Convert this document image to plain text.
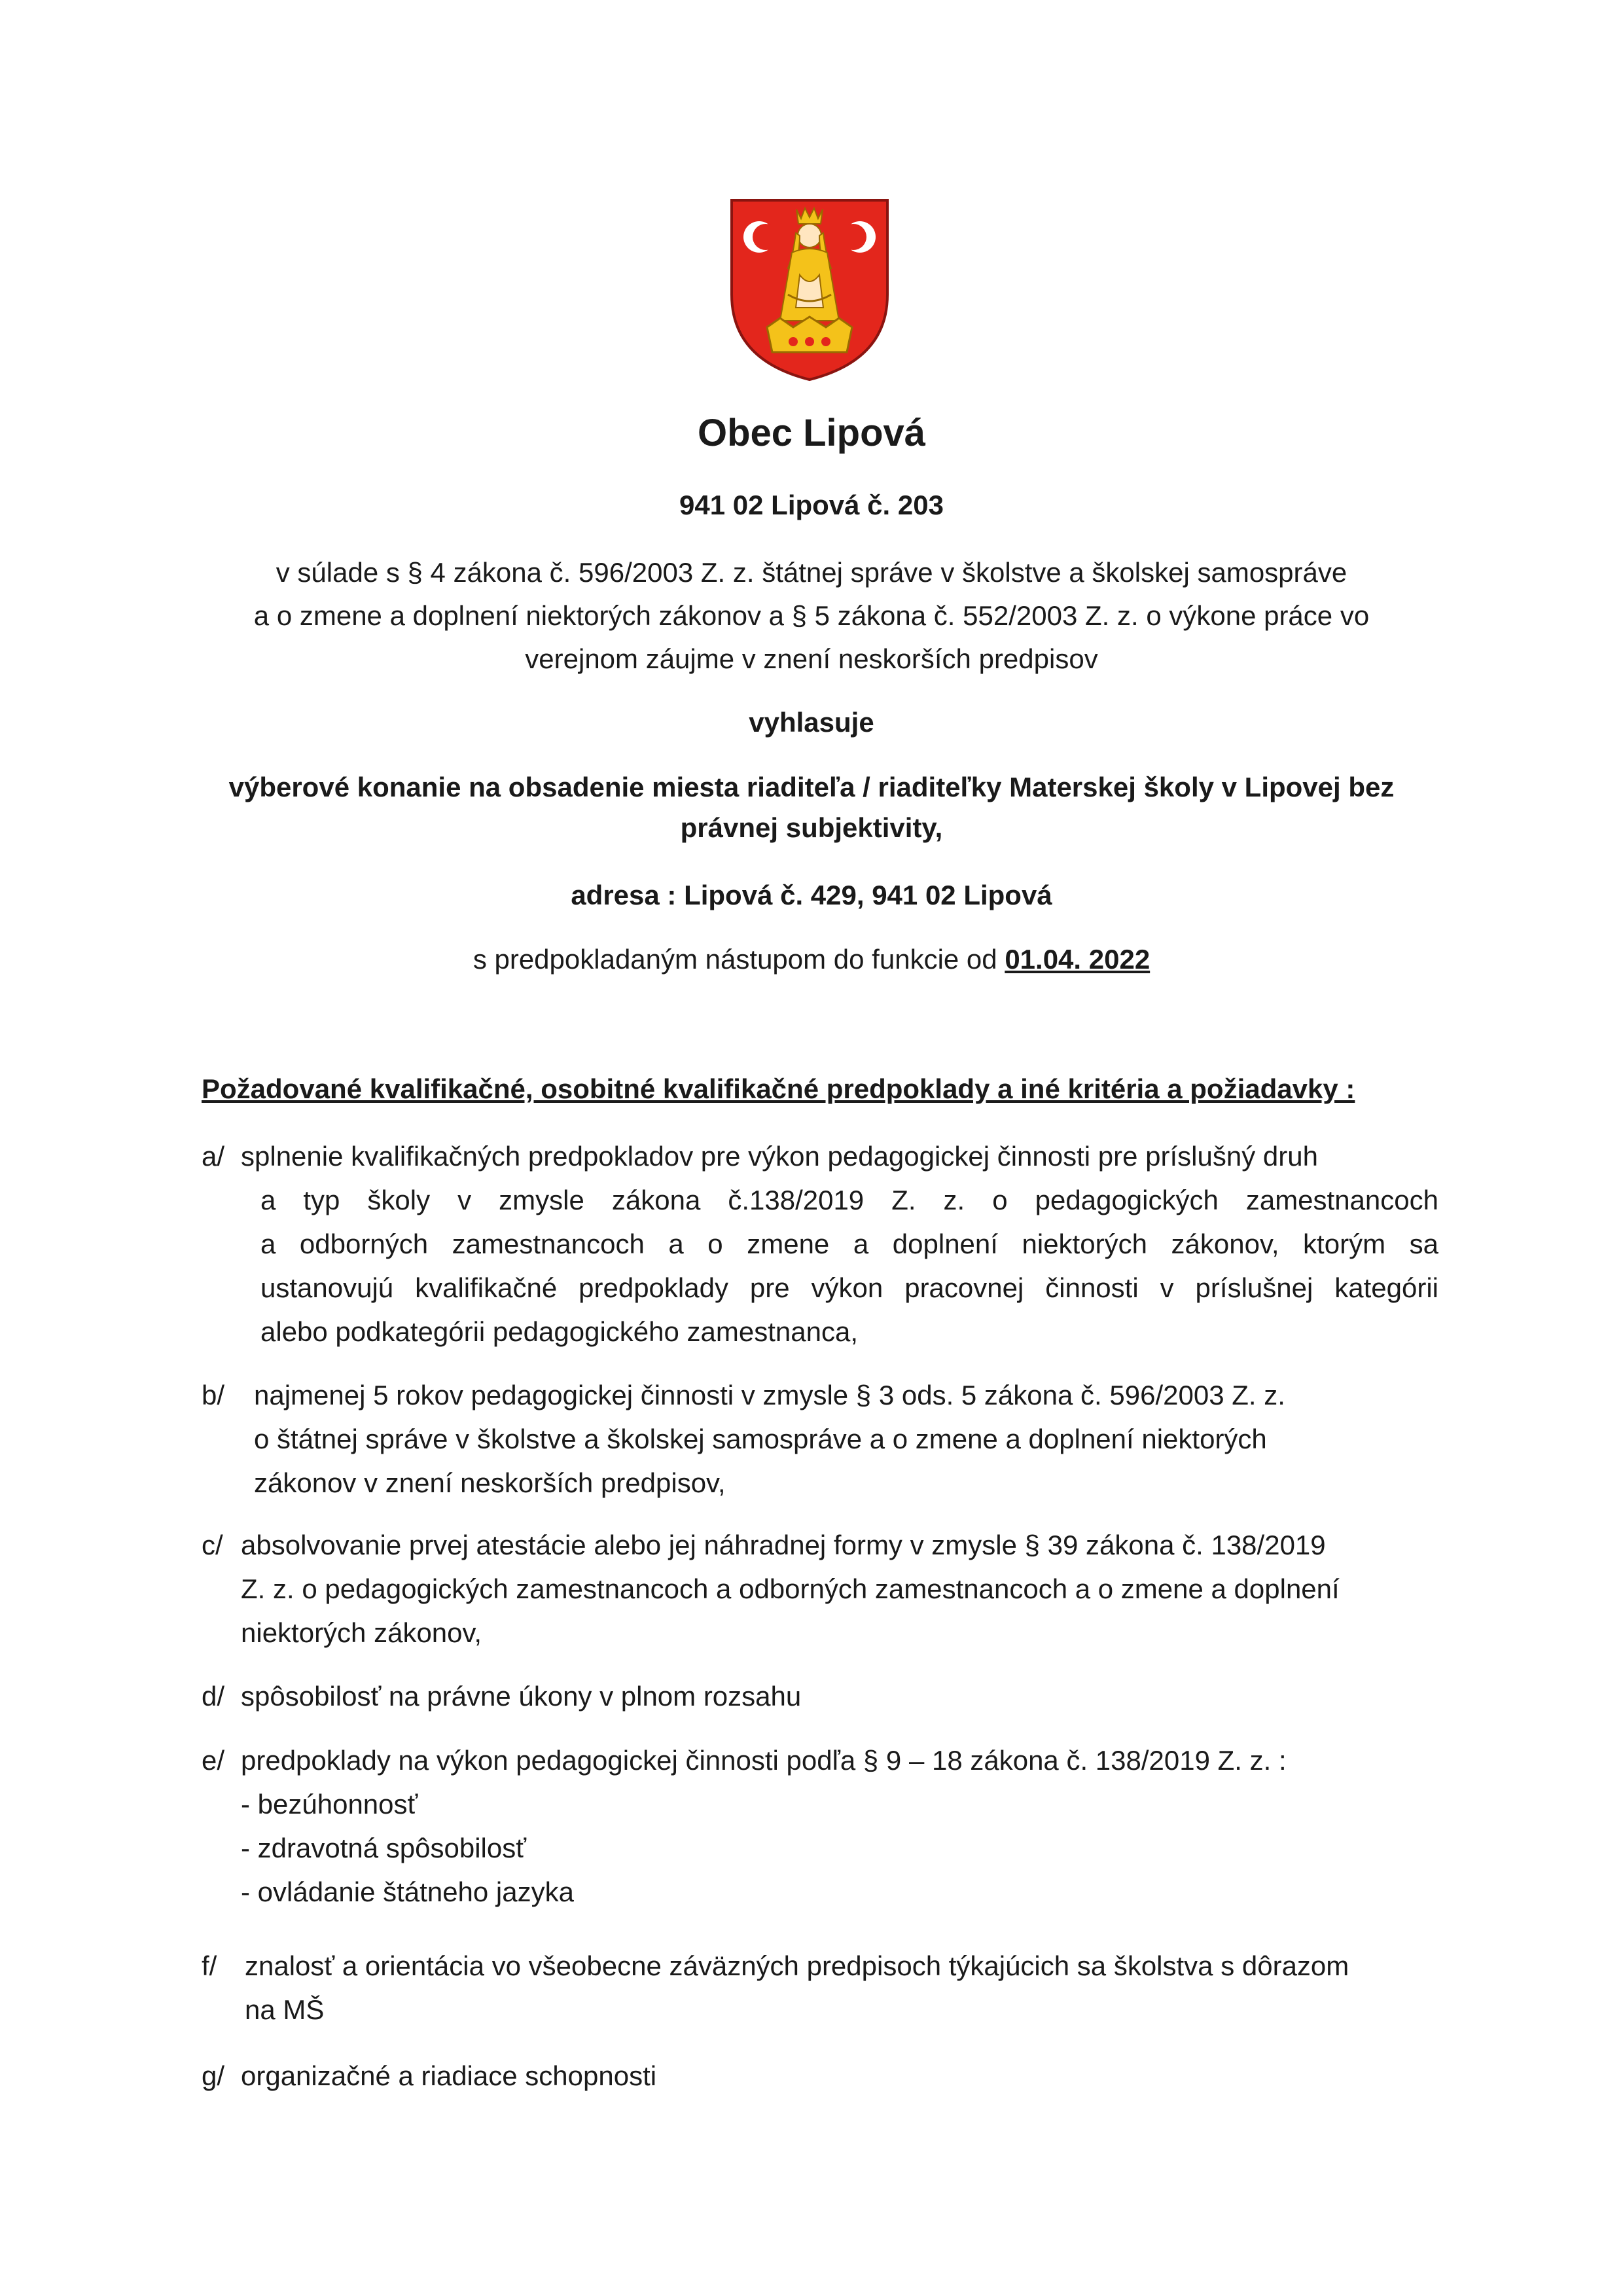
Obec Lipová
941 02 Lipová č. 203
v súlade s § 4 zákona č. 596/2003 Z. z. štátnej správe v školstve a školskej samospráve
a o zmene a doplnení niektorých zákonov a § 5 zákona č. 552/2003 Z. z. o výkone práce vo
verejnom záujme v znení neskorších predpisov
vyhlasuje
výberové konanie na obsadenie miesta riaditeľa / riaditeľky Materskej školy v Lipovej bez
právnej subjektivity,
adresa : Lipová č. 429, 941 02 Lipová
s predpokladaným nástupom do funkcie od 01.04. 2022
Požadované kvalifikačné, osobitné kvalifikačné predpoklady a iné kritéria a požiadavky :
a/ splnenie kvalifikačných predpokladov pre výkon pedagogickej činnosti pre príslušný druh
a typ školy v zmysle zákona č.138/2019 Z. z. o pedagogických zamestnancoch
a odborných zamestnancoch a o zmene a doplnení niektorých zákonov, ktorým sa
ustanovujú kvalifikačné predpoklady pre výkon pracovnej činnosti v príslušnej kategórii
alebo podkategórii pedagogického zamestnanca,
b/	najmenej 5 rokov pedagogickej činnosti v zmysle § 3 ods. 5 zákona č. 596/2003 Z. z.
o štátnej správe v školstve a školskej samospráve a o zmene a doplnení niektorých
zákonov v znení neskorších predpisov,
c/ absolvovanie prvej atestácie alebo jej náhradnej formy v zmysle § 39 zákona č. 138/2019
Z. z. o pedagogických zamestnancoch a odborných zamestnancoch a o zmene a doplnení
niektorých zákonov,
d/ spôsobilosť na právne úkony v plnom rozsahu
e/ predpoklady na výkon pedagogickej činnosti podľa § 9 – 18 zákona č. 138/2019 Z. z. :
- bezúhonnosť
- zdravotná spôsobilosť
- ovládanie štátneho jazyka
f/	znalosť a orientácia vo všeobecne záväzných predpisoch týkajúcich sa školstva s dôrazom
na MŠ
g/ organizačné a riadiace schopnosti
